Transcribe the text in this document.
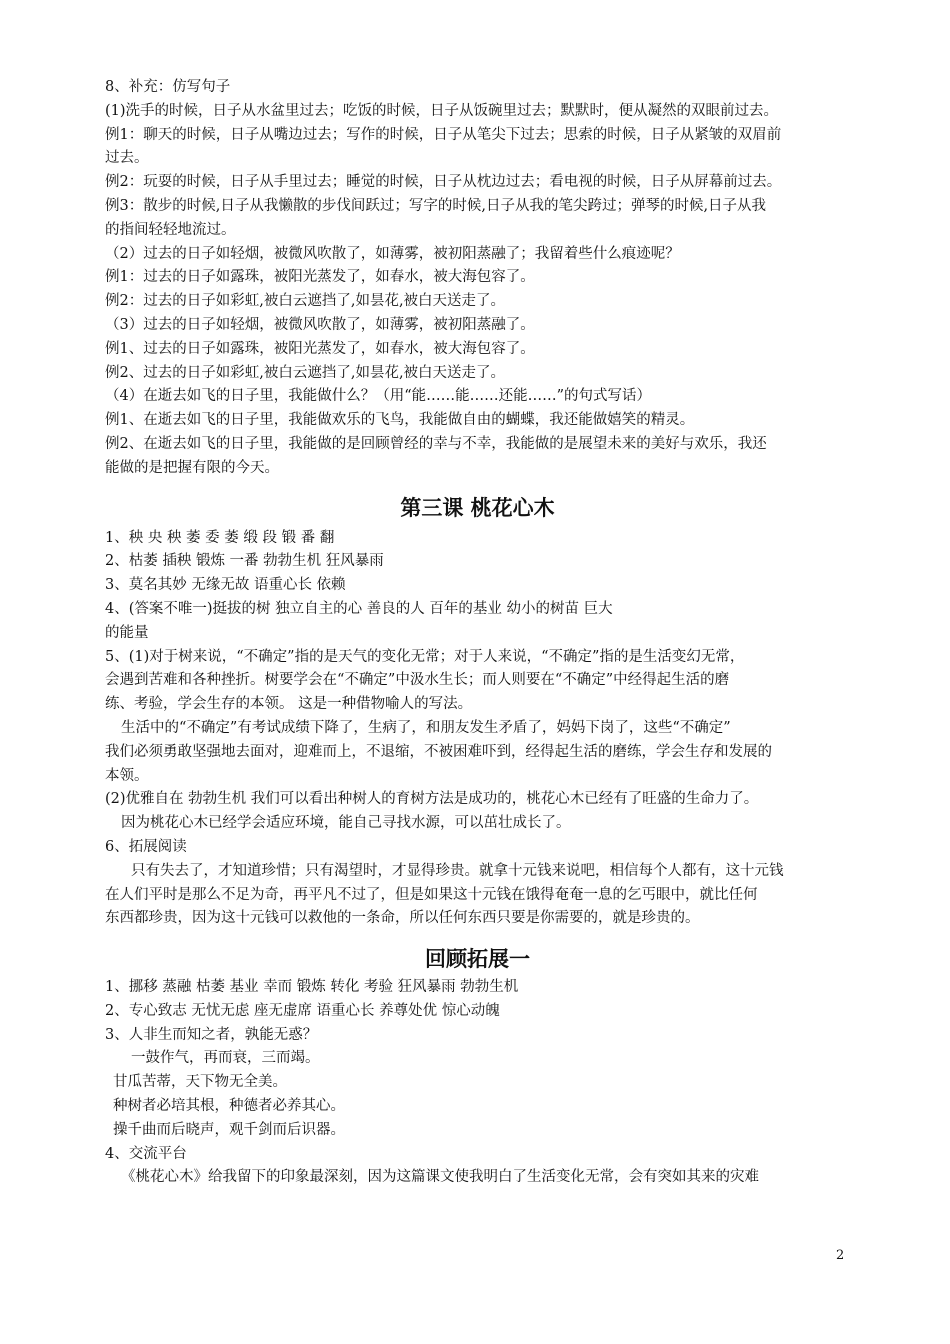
8、补充：仿写句子
(1)洗手的时候，日子从水盆里过去；吃饭的时候，日子从饭碗里过去；默默时，便从凝然的双眼前过去。
例1：聊天的时候，日子从嘴边过去；写作的时候，日子从笔尖下过去；思索的时候，日子从紧皱的双眉前
过去。
例2：玩耍的时候，日子从手里过去；睡觉的时候，日子从枕边过去；看电视的时候，日子从屏幕前过去。
例3：散步的时候,日子从我懒散的步伐间跃过；写字的时候,日子从我的笔尖跨过；弹琴的时候,日子从我
的指间轻轻地流过。
（2）过去的日子如轻烟，被微风吹散了，如薄雾，被初阳蒸融了；我留着些什么痕迹呢？
例1：过去的日子如露珠，被阳光蒸发了，如春水，被大海包容了。
例2：过去的日子如彩虹,被白云遮挡了,如昙花,被白天送走了。
（3）过去的日子如轻烟，被微风吹散了，如薄雾，被初阳蒸融了。
例1、过去的日子如露珠，被阳光蒸发了，如春水，被大海包容了。
例2、过去的日子如彩虹,被白云遮挡了,如昙花,被白天送走了。
（4）在逝去如飞的日子里，我能做什么？（用“能……能……还能……”的句式写话）
例1、在逝去如飞的日子里，我能做欢乐的飞鸟，我能做自由的蝴蝶，我还能做嬉笑的精灵。
例2、在逝去如飞的日子里，我能做的是回顾曾经的幸与不幸，我能做的是展望未来的美好与欢乐，我还
能做的是把握有限的今天。
第三课 桃花心木
1、秧 央 秧 萎 委 萎 缎 段 锻 番 翻
2、枯萎 插秧 锻炼 一番 勃勃生机 狂风暴雨
3、莫名其妙 无缘无故 语重心长 依赖
4、(答案不唯一)挺拔的树 独立自主的心 善良的人 百年的基业 幼小的树苗 巨大
的能量
5、(1)对于树来说，“不确定”指的是天气的变化无常；对于人来说，“不确定”指的是生活变幻无常，
会遇到苦难和各种挫折。树要学会在“不确定”中汲水生长；而人则要在“不确定”中经得起生活的磨
练、考验，学会生存的本领。 这是一种借物喻人的写法。
生活中的“不确定”有考试成绩下降了，生病了，和朋友发生矛盾了，妈妈下岗了，这些“不确定”
我们必须勇敢坚强地去面对，迎难而上，不退缩，不被困难吓到，经得起生活的磨练，学会生存和发展的
本领。
(2)优雅自在 勃勃生机 我们可以看出种树人的育树方法是成功的，桃花心木已经有了旺盛的生命力了。
因为桃花心木已经学会适应环境，能自己寻找水源，可以茁壮成长了。
6、拓展阅读
只有失去了，才知道珍惜；只有渴望时，才显得珍贵。就拿十元钱来说吧，相信每个人都有，这十元钱
在人们平时是那么不足为奇，再平凡不过了，但是如果这十元钱在饿得奄奄一息的乞丐眼中，就比任何
东西都珍贵，因为这十元钱可以救他的一条命，所以任何东西只要是你需要的，就是珍贵的。
回顾拓展一
1、挪移 蒸融 枯萎 基业 幸而 锻炼 转化 考验 狂风暴雨 勃勃生机
2、专心致志 无忧无虑 座无虚席 语重心长 养尊处优 惊心动魄
3、人非生而知之者，孰能无惑？
一鼓作气，再而衰，三而竭。
甘瓜苦蒂，天下物无全美。
种树者必培其根，种德者必养其心。
操千曲而后晓声，观千剑而后识器。
4、交流平台
《桃花心木》给我留下的印象最深刻，因为这篇课文使我明白了生活变化无常，会有突如其来的灾难
2
